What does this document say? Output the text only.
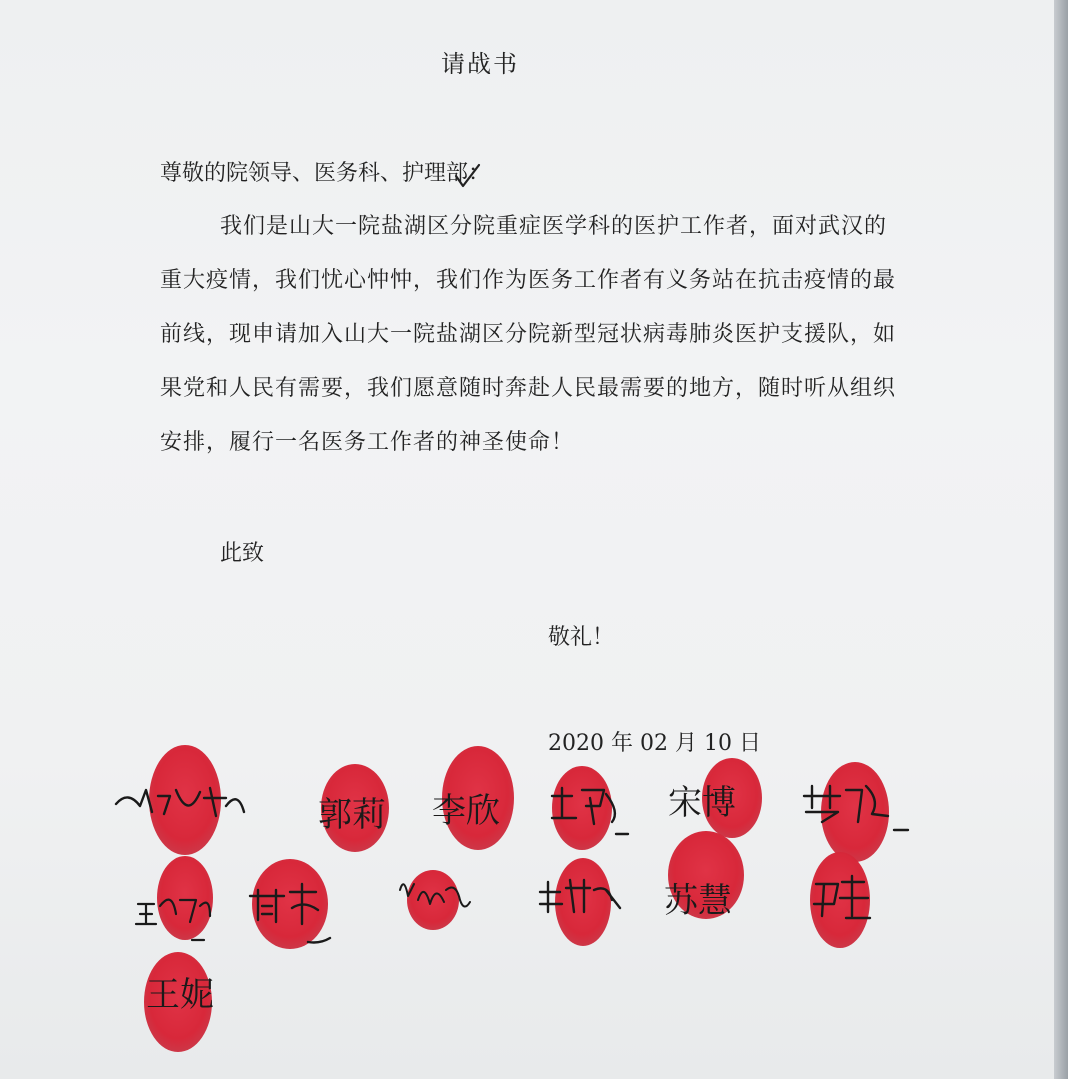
请战书
尊敬的院领导、医务科、护理部：
我们是山大一院盐湖区分院重症医学科的医护工作者，面对武汉的重大疫情，我们忧心忡忡，我们作为医务工作者有义务站在抗击疫情的最前线，现申请加入山大一院盐湖区分院新型冠状病毒肺炎医护支援队，如果党和人民有需要，我们愿意随时奔赴人民最需要的地方，随时听从组织安排，履行一名医务工作者的神圣使命！
此致
敬礼！
2020 年 02 月 10 日
郭莉 李欣	宋博
苏慧
王妮
